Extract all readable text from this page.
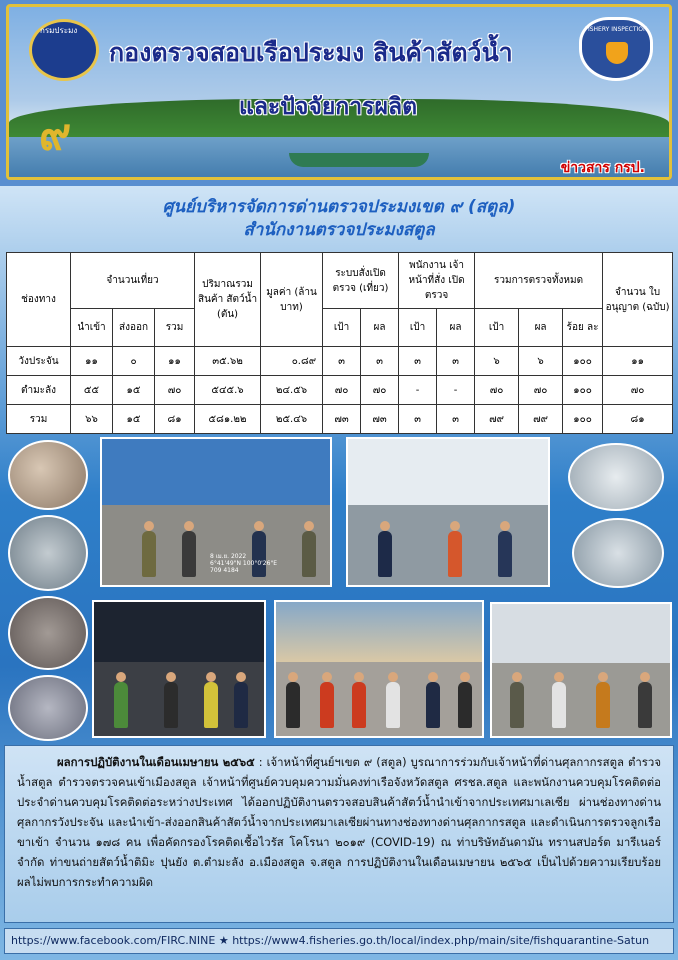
กรมประมง	FISHERY INSPECTION
กองตรวจสอบเรือประมง สินค้าสัตว์น้ำ
และปัจจัยการผลิต
๙
ข่าวสาร กรป.
ศูนย์บริหารจัดการด่านตรวจประมงเขต ๙ (สตูล)
สำนักงานตรวจประมงสตูล
ช่องทาง	จำนวนเที่ยว			ปริมาณรวม สินค้า สัตว์น้ำ (ตัน)	มูลค่า (ล้านบาท)	ระบบสั่งเปิด ตรวจ (เที่ยว)		พนักงาน เจ้าหน้าที่สั่ง เปิดตรวจ		รวมการตรวจทั้งหมด			จำนวน ใบอนุญาต (ฉบับ)
	นำเข้า	ส่งออก	รวม			เป้า	ผล	เป้า	ผล	เป้า	ผล	ร้อย ละ	
วังประจัน	๑๑	๐	๑๑	๓๕.๖๒	๐.๘๙	๓	๓	๓	๓	๖	๖	๑๐๐	๑๑
ตำมะลัง	๕๕	๑๕	๗๐	๕๔๕.๖	๒๔.๕๖	๗๐	๗๐	-	-	๗๐	๗๐	๑๐๐	๗๐
รวม	๖๖	๑๕	๘๑	๕๘๑.๒๒	๒๕.๔๖	๗๓	๗๓	๓	๓	๗๙	๗๙	๑๐๐	๘๑
8 เม.ย. 2022
6°41'49"N 100°0'26"E
709 4184
ผลการปฏิบัติงานในเดือนเมษายน ๒๕๖๕ : เจ้าหน้าที่ศูนย์ฯเขต ๙ (สตูล) บูรณาการร่วมกับเจ้าหน้าที่ด่านศุลกากรสตูล ตำรวจน้ำสตูล ตำรวจตรวจคนเข้าเมืองสตูล เจ้าหน้าที่ศูนย์ควบคุมความมั่นคงท่าเรือจังหวัดสตูล ศรชล.สตูล และพนักงานควบคุมโรคติดต่อประจำด่านควบคุมโรคติดต่อระหว่างประเทศ ได้ออกปฏิบัติงานตรวจสอบสินค้าสัตว์น้ำนำเข้าจากประเทศมาเลเซีย ผ่านช่องทางด่านศุลกากรวังประจัน และนำเข้า-ส่งออกสินค้าสัตว์น้ำจากประเทศมาเลเซียผ่านทางช่องทางด่านศุลกากรสตูล และดำเนินการตรวจลูกเรือขาเข้า จำนวน ๑๗๘ คน เพื่อคัดกรองโรคติดเชื้อไวรัส โคโรนา ๒๐๑๙ (COVID-19) ณ ท่าบริษัทอันดามัน ทรานสปอร์ต มารีเนอร์ จำกัด ท่าขนถ่ายสัตว์น้ำติมิะ ปุนยัง ต.ตำมะลัง อ.เมืองสตูล จ.สตูล การปฏิบัติงานในเดือนเมษายน ๒๕๖๕ เป็นไปด้วยความเรียบร้อย ผลไม่พบการกระทำความผิด
https://www.facebook.com/FIRC.NINE ★ https://www4.fisheries.go.th/local/index.php/main/site/fishquarantine-Satun
